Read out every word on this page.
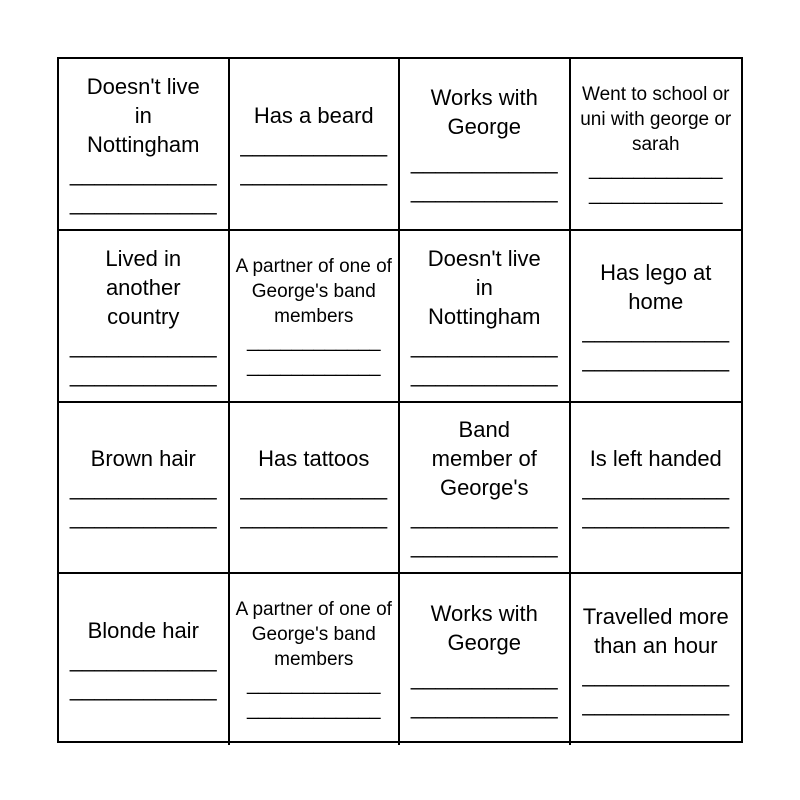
Doesn't live in Nottingham
____________
____________
Has a beard
____________
____________
Works with George
____________
____________
Went to school or uni with george or sarah
____________
____________
Lived in another country
____________
____________
A partner of one of George's band members
____________
____________
Doesn't live in Nottingham
____________
____________
Has lego at home
____________
____________
Brown hair
____________
____________
Has tattoos
____________
____________
Band member of George's
____________
____________
Is left handed
____________
____________
Blonde hair
____________
____________
A partner of one of George's band members
____________
____________
Works with George
____________
____________
Travelled more than an hour
____________
____________
